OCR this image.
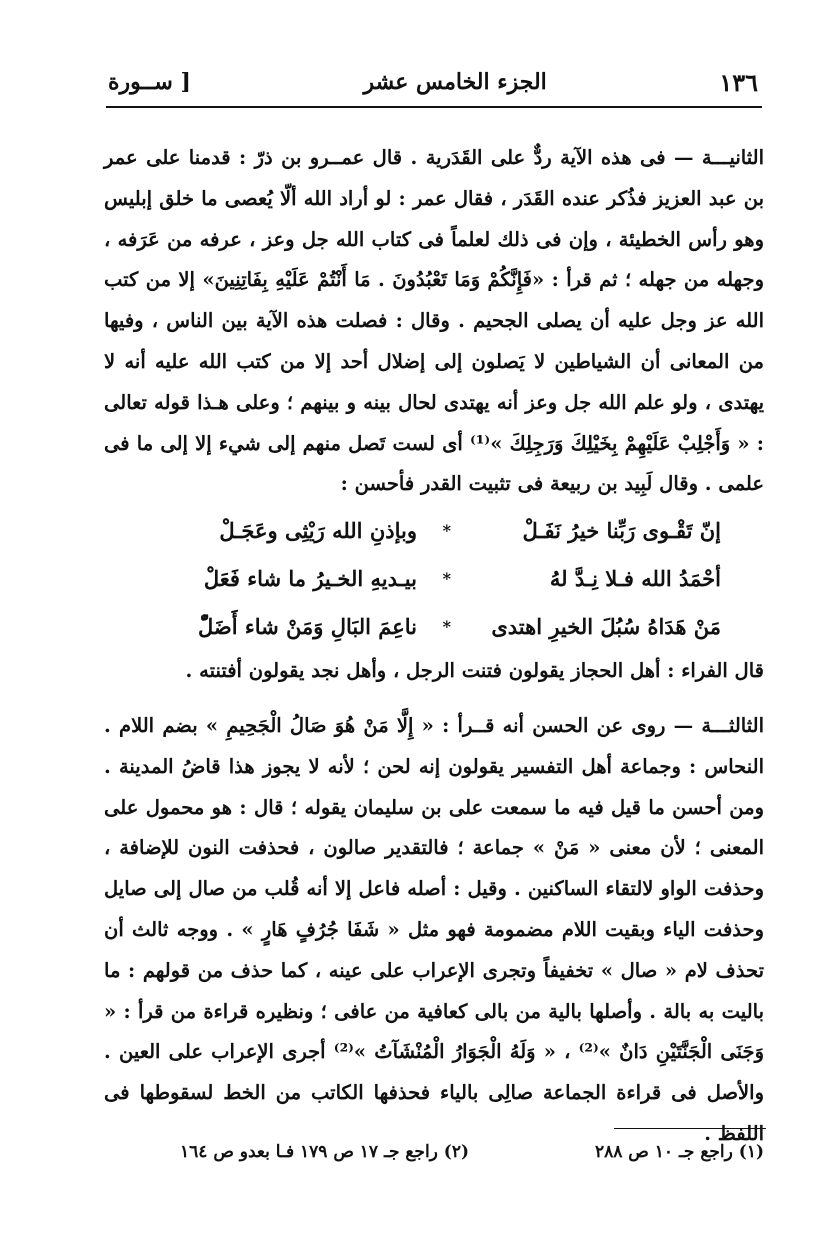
١٣٦
الجزء الخامس عشر
[ ســورة

الثانيـــة — فى هذه الآية ردٌّ على القَدَرية . قال عمــرو بن ذرّ : قدمنا على عمر بن عبد العزيز فذُكر عنده القَدَر ، فقال عمر : لو أراد الله ألّا يُعصى ما خلق إبليس وهو رأس الخطيئة ، وإن فى ذلك لعلماً فى كتاب الله جل وعز ، عرفه من عَرَفه ، وجهله من جهله ؛ ثم قرأ : «فَإِنَّكُمْ وَمَا تَعْبُدُونَ . مَا أَنْتُمْ عَلَيْهِ بِفَاتِنِينَ» إلا من كتب الله عز وجل عليه أن يصلى الجحيم . وقال : فصلت هذه الآية بين الناس ، وفيها من المعانى أن الشياطين لا يَصلون إلى إضلال أحد إلا من كتب الله عليه أنه لا يهتدى ، ولو علم الله جل وعز أنه يهتدى لحال بينه و بينهم ؛ وعلى هـذا قوله تعالى : « وَأَجْلِبْ عَلَيْهِمْ بِخَيْلِكَ وَرَجِلِكَ »⁽¹⁾ أى لست تَصل منهم إلى شيء إلا إلى ما فى علمى . وقال لَبِيد بن ربيعة فى تثبيت القدر فأحسن :

إنّ تَقْـوى رَبِّنا خيرُ نَفَـلْ
*
وبإذنِ الله رَيْثِى وعَجَـلْ
أحْمَدُ الله فـلا نِـدَّ لهُ
*
بيـديهِ الخـيرُ ما شاء فَعَلْ
مَنْ هَدَاهُ سُبُلَ الخيرِ اهتدى
*
ناعِمَ البَالِ وَمَنْ شاء أَضَلّْ

قال الفراء : أهل الحجاز يقولون فتنت الرجل ، وأهل نجد يقولون أفتنته .

الثالثـــة — روى عن الحسن أنه قــرأ : « إِلَّا مَنْ هُوَ صَالُ الْجَحِيمِ » بضم اللام . النحاس : وجماعة أهل التفسير يقولون إنه لحن ؛ لأنه لا يجوز هذا قاضُ المدينة . ومن أحسن ما قيل فيه ما سمعت على بن سليمان يقوله ؛ قال : هو محمول على المعنى ؛ لأن معنى « مَنْ » جماعة ؛ فالتقدير صالون ، فحذفت النون للإضافة ، وحذفت الواو لالتقاء الساكنين . وقيل : أصله فاعل إلا أنه قُلب من صال إلى صايل وحذفت الياء وبقيت اللام مضمومة فهو مثل « شَفَا جُرُفٍ هَارٍ » . ووجه ثالث أن تحذف لام « صال » تخفيفاً وتجرى الإعراب على عينه ، كما حذف من قولهم : ما باليت به بالة . وأصلها بالية من بالى كعافية من عافى ؛ ونظيره قراءة من قرأ : « وَجَنَى الْجَنَّتَيْنِ دَانٌ »⁽²⁾ ، « وَلَهُ الْجَوَارُ الْمُنْشَآتُ »⁽²⁾ أجرى الإعراب على العين . والأصل فى قراءة الجماعة صالِى بالياء فحذفها الكاتب من الخط لسقوطها فى اللفظ .

(١) راجع جـ ١٠ ص ٢٨٨
(٢) راجع جـ ١٧ ص ١٧٩ فـا بعدو ص ١٦٤
